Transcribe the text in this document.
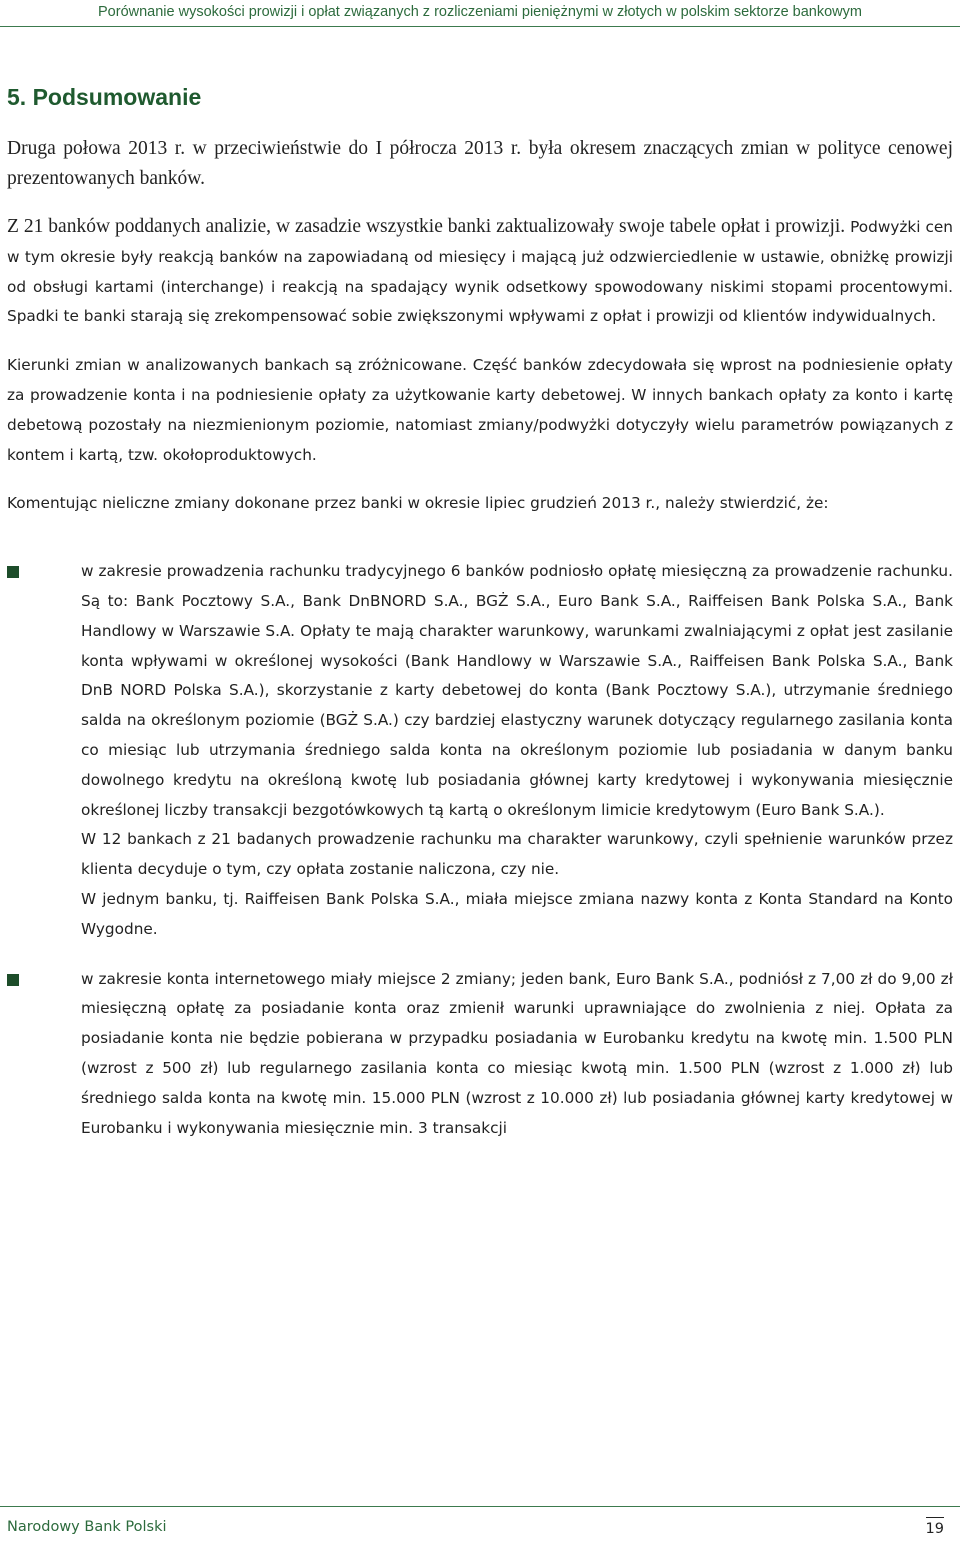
Porównanie wysokości prowizji i opłat związanych z rozliczeniami pieniężnymi w złotych w polskim sektorze bankowym
5. Podsumowanie

Druga połowa 2013 r. w przeciwieństwie do I półrocza 2013 r. była okresem znaczących zmian w polityce cenowej prezentowanych banków.

Z 21 banków poddanych analizie, w zasadzie wszystkie banki zaktualizowały swoje tabele opłat i prowizji. Podwyżki cen w tym okresie były reakcją banków na zapowiadaną od miesięcy i mającą już odzwierciedlenie w ustawie, obniżkę prowizji od obsługi kartami (interchange) i reakcją na spadający wynik odsetkowy spowodowany niskimi stopami procentowymi. Spadki te banki starają się zrekompensować sobie zwiększonymi wpływami z opłat i prowizji od klientów indywidualnych.

Kierunki zmian w analizowanych bankach są zróżnicowane. Część banków zdecydowała się wprost na podniesienie opłaty za prowadzenie konta i na podniesienie opłaty za użytkowanie karty debetowej. W innych bankach opłaty za konto i kartę debetową pozostały na niezmienionym poziomie, natomiast zmiany/podwyżki dotyczyły wielu parametrów powiązanych z kontem i kartą, tzw. okołoproduktowych.

Komentując nieliczne zmiany dokonane przez banki w okresie lipiec grudzień 2013 r., należy stwierdzić, że:

w zakresie prowadzenia rachunku tradycyjnego 6 banków podniosło opłatę miesięczną za prowadzenie rachunku. Są to: Bank Pocztowy S.A., Bank DnBNORD S.A., BGŻ S.A., Euro Bank S.A., Raiffeisen Bank Polska S.A., Bank Handlowy w Warszawie S.A. Opłaty te mają charakter warunkowy, warunkami zwalniającymi z opłat jest zasilanie konta wpływami w określonej wysokości (Bank Handlowy w Warszawie S.A., Raiffeisen Bank Polska S.A., Bank DnB NORD Polska S.A.), skorzystanie z karty debetowej do konta (Bank Pocztowy S.A.), utrzymanie średniego salda na określonym poziomie (BGŻ S.A.) czy bardziej elastyczny warunek dotyczący regularnego zasilania konta co miesiąc lub utrzymania średniego salda konta na określonym poziomie lub posiadania w danym banku dowolnego kredytu na określoną kwotę lub posiadania głównej karty kredytowej i wykonywania miesięcznie określonej liczby transakcji bezgotówkowych tą kartą o określonym limicie kredytowym (Euro Bank S.A.).

W 12 bankach z 21 badanych prowadzenie rachunku ma charakter warunkowy, czyli spełnienie warunków przez klienta decyduje o tym, czy opłata zostanie naliczona, czy nie.

W jednym banku, tj. Raiffeisen Bank Polska S.A., miała miejsce zmiana nazwy konta z Konta Standard na Konto Wygodne.

w zakresie konta internetowego miały miejsce 2 zmiany; jeden bank, Euro Bank S.A., podniósł z 7,00 zł do 9,00 zł miesięczną opłatę za posiadanie konta oraz zmienił warunki uprawniające do zwolnienia z niej. Opłata za posiadanie konta nie będzie pobierana w przypadku posiadania w Eurobanku kredytu na kwotę min. 1.500 PLN (wzrost z 500 zł) lub regularnego zasilania konta co miesiąc kwotą min. 1.500 PLN (wzrost z 1.000 zł) lub średniego salda konta na kwotę min. 15.000 PLN (wzrost z 10.000 zł) lub posiadania głównej karty kredytowej w Eurobanku i wykonywania miesięcznie min. 3 transakcji

Narodowy Bank Polski	19
